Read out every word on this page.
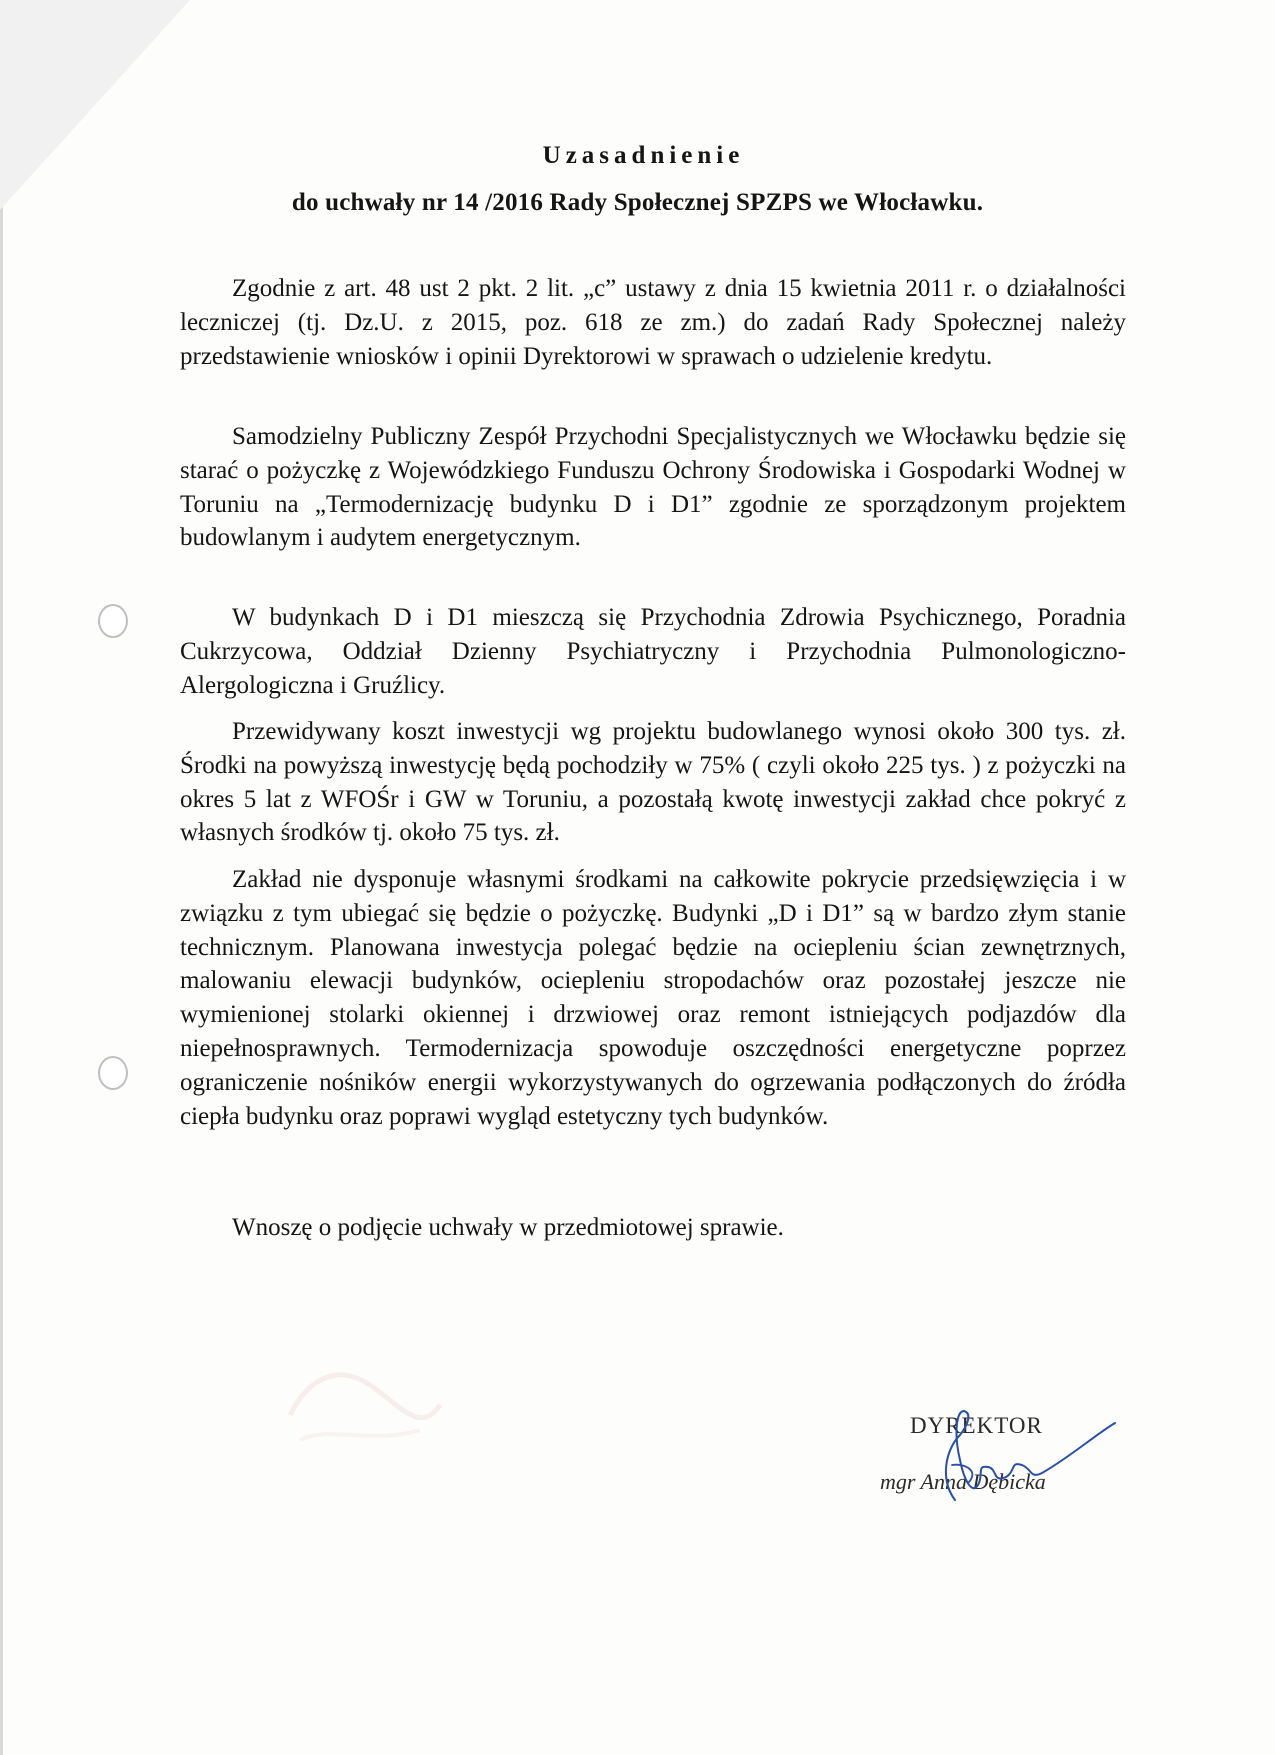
Uzasadnienie
do uchwały nr 14 /2016 Rady Społecznej SPZPS we Włocławku.

Zgodnie z art. 48 ust 2 pkt. 2 lit. „c” ustawy z dnia 15 kwietnia 2011 r. o działalności leczniczej (tj. Dz.U. z 2015, poz. 618 ze zm.) do zadań Rady Społecznej należy przedstawienie wniosków i opinii Dyrektorowi w sprawach o udzielenie kredytu.

Samodzielny Publiczny Zespół Przychodni Specjalistycznych we Włocławku będzie się starać o pożyczkę z Wojewódzkiego Funduszu Ochrony Środowiska i Gospodarki Wodnej w Toruniu na „Termodernizację budynku D i D1” zgodnie ze sporządzonym projektem budowlanym i audytem energetycznym.

W budynkach D i D1 mieszczą się Przychodnia Zdrowia Psychicznego, Poradnia Cukrzycowa, Oddział Dzienny Psychiatryczny i Przychodnia Pulmonologiczno-Alergologiczna i Gruźlicy.

Przewidywany koszt inwestycji wg projektu budowlanego wynosi około 300 tys. zł. Środki na powyższą inwestycję będą pochodziły w 75% ( czyli około 225 tys. ) z pożyczki na okres 5 lat z WFOŚr i GW w Toruniu, a pozostałą kwotę inwestycji zakład chce pokryć z własnych środków tj. około 75 tys. zł.

Zakład nie dysponuje własnymi środkami na całkowite pokrycie przedsięwzięcia i w związku z tym ubiegać się będzie o pożyczkę. Budynki „D i D1” są w bardzo złym stanie technicznym. Planowana inwestycja polegać będzie na ociepleniu ścian zewnętrznych, malowaniu elewacji budynków, ociepleniu stropodachów oraz pozostałej jeszcze nie wymienionej stolarki okiennej i drzwiowej oraz remont istniejących podjazdów dla niepełnosprawnych. Termodernizacja spowoduje oszczędności energetyczne poprzez ograniczenie nośników energii wykorzystywanych do ogrzewania podłączonych do źródła ciepła budynku oraz poprawi wygląd estetyczny tych budynków.

Wnoszę o podjęcie uchwały w przedmiotowej sprawie.

DYREKTOR
mgr Anna Dębicka
